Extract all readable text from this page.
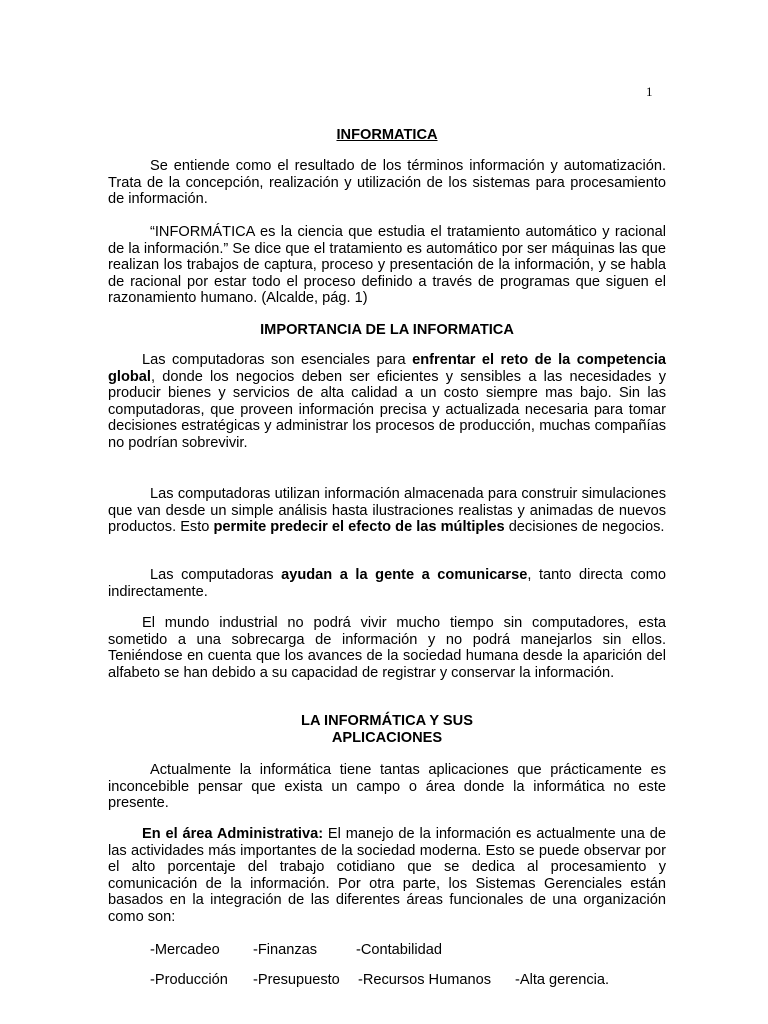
1
INFORMATICA

Se entiende como el resultado de los términos información y automatización. Trata de la concepción, realización y utilización de los sistemas para procesamiento de información.

“INFORMÁTICA es la ciencia que estudia el tratamiento automático y racional de la información.” Se dice que el tratamiento es automático por ser máquinas las que realizan los trabajos de captura, proceso y presentación de la información, y se habla de racional por estar todo el proceso definido a través de programas que siguen el razonamiento humano. (Alcalde, pág. 1)

IMPORTANCIA DE LA INFORMATICA

Las computadoras son esenciales para enfrentar el reto de la competencia global, donde los negocios deben ser eficientes y sensibles a las necesidades y producir bienes y servicios de alta calidad a un costo siempre mas bajo. Sin las computadoras, que proveen información precisa y actualizada necesaria para tomar decisiones estratégicas y administrar los procesos de producción, muchas compañías no podrían sobrevivir.

Las computadoras utilizan información almacenada para construir simulaciones que van desde un simple análisis hasta ilustraciones realistas y animadas de nuevos productos. Esto permite predecir el efecto de las múltiples decisiones de negocios.

Las computadoras ayudan a la gente a comunicarse, tanto directa como indirectamente.

El mundo industrial no podrá vivir mucho tiempo sin computadores, esta sometido a una sobrecarga de información y no podrá manejarlos sin ellos. Teniéndose en cuenta que los avances de la sociedad humana desde la aparición del alfabeto se han debido a su capacidad de registrar y conservar la información.

LA INFORMÁTICA Y SUS
APLICACIONES

Actualmente la informática tiene tantas aplicaciones que prácticamente es inconcebible pensar que exista un campo o área donde la informática no este presente.

En el área Administrativa: El manejo de la información es actualmente una de las actividades más importantes de la sociedad moderna. Esto se puede observar por el alto porcentaje del trabajo cotidiano que se dedica al procesamiento y comunicación de la información. Por otra parte, los Sistemas Gerenciales están basados en la integración de las diferentes áreas funcionales de una organización como son:

-Mercadeo -Finanzas	-Contabilidad
-Producción -Presupuesto -Recursos Humanos -Alta gerencia.
